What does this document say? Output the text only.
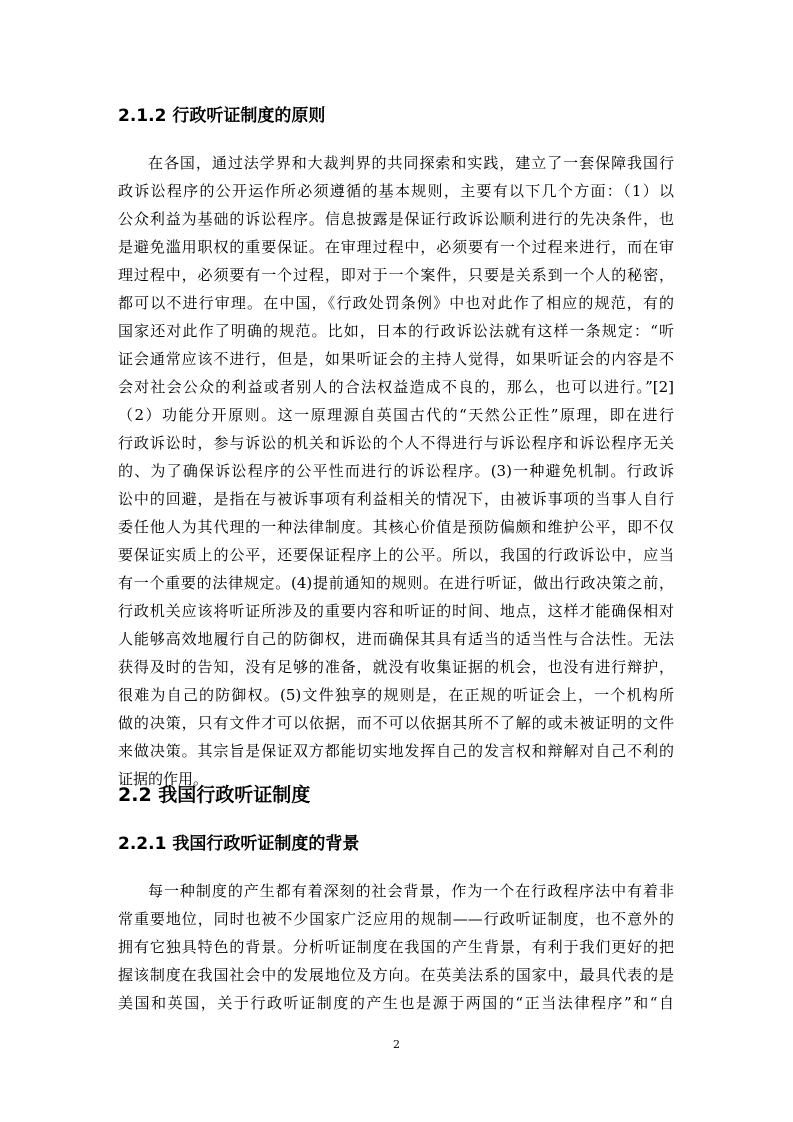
2.1.2 行政听证制度的原则
在各国，通过法学界和大裁判界的共同探索和实践，建立了一套保障我国行
政诉讼程序的公开运作所必须遵循的基本规则，主要有以下几个方面：（1）以
公众利益为基础的诉讼程序。信息披露是保证行政诉讼顺利进行的先决条件，也
是避免滥用职权的重要保证。在审理过程中，必须要有一个过程来进行，而在审
理过程中，必须要有一个过程，即对于一个案件，只要是关系到一个人的秘密，
都可以不进行审理。在中国，《行政处罚条例》中也对此作了相应的规范，有的
国家还对此作了明确的规范。比如，日本的行政诉讼法就有这样一条规定：“听
证会通常应该不进行，但是，如果听证会的主持人觉得，如果听证会的内容是不
会对社会公众的利益或者别人的合法权益造成不良的，那么，也可以进行。”[2]
（2）功能分开原则。这一原理源自英国古代的“天然公正性”原理，即在进行
行政诉讼时，参与诉讼的机关和诉讼的个人不得进行与诉讼程序和诉讼程序无关
的、为了确保诉讼程序的公平性而进行的诉讼程序。(3)一种避免机制。行政诉
讼中的回避，是指在与被诉事项有利益相关的情况下，由被诉事项的当事人自行
委任他人为其代理的一种法律制度。其核心价值是预防偏颇和维护公平，即不仅
要保证实质上的公平，还要保证程序上的公平。所以，我国的行政诉讼中，应当
有一个重要的法律规定。(4)提前通知的规则。在进行听证，做出行政决策之前，
行政机关应该将听证所涉及的重要内容和听证的时间、地点，这样才能确保相对
人能够高效地履行自己的防御权，进而确保其具有适当的适当性与合法性。无法
获得及时的告知，没有足够的准备，就没有收集证据的机会，也没有进行辩护，
很难为自己的防御权。(5)文件独享的规则是，在正规的听证会上，一个机构所
做的决策，只有文件才可以依据，而不可以依据其所不了解的或未被证明的文件
来做决策。其宗旨是保证双方都能切实地发挥自己的发言权和辩解对自己不利的
证据的作用。
2.2 我国行政听证制度
2.2.1 我国行政听证制度的背景
每一种制度的产生都有着深刻的社会背景，作为一个在行政程序法中有着非
常重要地位，同时也被不少国家广泛应用的规制——行政听证制度，也不意外的
拥有它独具特色的背景。分析听证制度在我国的产生背景，有利于我们更好的把
握该制度在我国社会中的发展地位及方向。在英美法系的国家中，最具代表的是
美国和英国，关于行政听证制度的产生也是源于两国的“正当法律程序”和“自
2
